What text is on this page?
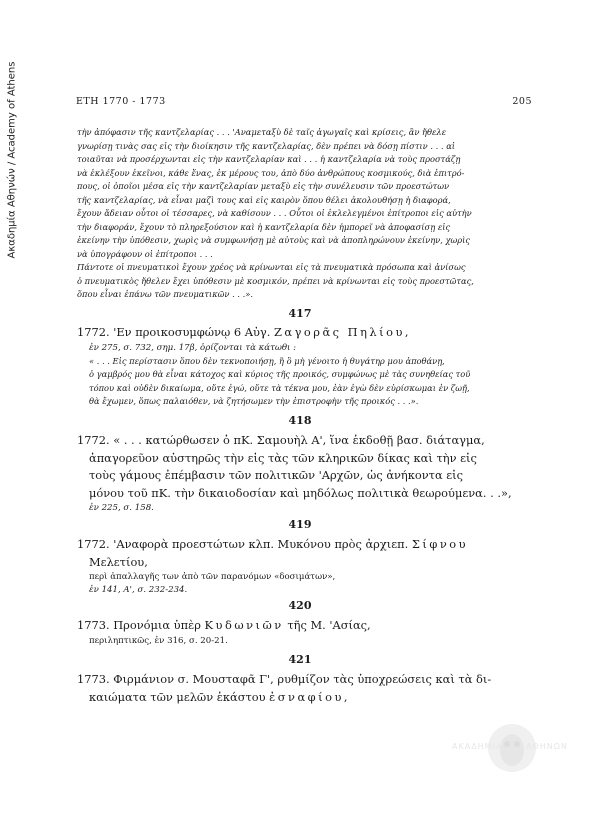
Ακαδημία Αθηνών / Academy of Athens	ΕΤΗ 1770 - 1773	205
τὴν ἀπόφασιν τῆς καντζελαρίας . . . 'Αναμεταξὺ δὲ ταῖς ἀγωγαῖς καὶ κρίσεις, ἂν ἤθελε
γνωρίσῃ τινὰς σας εἰς τὴν διοίκησιν τῆς καντζελαρίας, δὲν πρέπει νὰ δόσῃ πίστιν . . . αἱ
τοιαῦται νὰ προσέρχωνται εἰς τὴν καντζελαρίαν καὶ . . . ἡ καντζελαρία νὰ τοὺς προστάζῃ
νὰ ἐκλέξουν ἐκεῖνοι, κάθε ἕνας, ἐκ μέρους του, ἀπὸ δύο ἀνθρώπους κοσμικούς, διὰ ἐπιτρό-
πους, οἱ ὁποῖοι μέσα εἰς τὴν καντζελαρίαν μεταξὺ εἰς τὴν συνέλευσιν τῶν προεστώτων
τῆς καντζελαρίας, νὰ εἶναι μαζὶ τους καὶ εἰς καιρὸν ὅπου θέλει ἀκολουθήσῃ ἡ διαφορά,
ἔχουν ἄδειαν οὗτοι οἱ τέσσαρες, νὰ καθίσουν . . . Οὗτοι οἱ ἐκλελεγμένοι ἐπίτροποι εἰς αὐτὴν
τὴν διαφοράν, ἔχουν τὸ πληρεξούσιον καὶ ἡ καντζελαρία δὲν ἠμπορεῖ νὰ ἀποφασίσῃ εἰς
ἐκείνην τὴν ὑπόθεσιν, χωρὶς νὰ συμφωνήσῃ μὲ αὐτοὺς καὶ νὰ ἀποπληρώνουν ἐκείνην, χωρὶς
νὰ ὑπογράφουν οἱ ἐπίτροποι . . .
Πάντοτε οἱ πνευματικοὶ ἔχουν χρέος νὰ κρίνωνται εἰς τὰ πνευματικὰ πρόσωπα καὶ ἀνίσως
ὁ πνευματικὸς ἤθελεν ἔχει ὑπόθεσιν μὲ κοσμικόν, πρέπει νὰ κρίνωνται εἰς τοὺς προεστῶτας,
ὅπου εἶναι ἐπάνω τῶν πνευματικῶν . . .».
417
1772. 'Εν προικοσυμφώνῳ 6 Αὐγ. Ζαγορᾶς Πηλίου,
ἐν 275, σ. 732, σημ. 17β, ὁρίζονται τὰ κάτωθι :
« . . . Εἰς περίστασιν ὅπου δὲν τεκνοποιήσῃ, ἢ ὃ μὴ γένοιτο ἡ θυγάτηρ μου ἀποθάνῃ,
ὁ γαμβρός μου θὰ εἶναι κάτοχος καὶ κύριος τῆς προικός, συμφώνως μὲ τὰς συνηθείας τοῦ
τόπου καὶ οὐδὲν δικαίωμα, οὔτε ἐγώ, οὔτε τὰ τέκνα μου, ἐὰν ἐγὼ δὲν εὑρίσκωμαι ἐν ζωῇ,
θὰ ἔχωμεν, ὅπως παλαιόθεν, νὰ ζητήσωμεν τὴν ἐπιστροφὴν τῆς προικός . . .».
418
1772. « . . . κατώρθωσεν ὁ πΚ. Σαμουὴλ Α', ἵνα ἐκδοθῇ βασ. διάταγμα,
ἀπαγορεῦον αὐστηρῶς τὴν εἰς τὰς τῶν κληρικῶν δίκας καὶ τὴν εἰς
τοὺς γάμους ἐπέμβασιν τῶν πολιτικῶν 'Αρχῶν, ὡς ἀνήκοντα εἰς
μόνου τοῦ πΚ. τὴν δικαιοδοσίαν καὶ μηδόλως πολιτικὰ θεωρούμενα. . .»,
ἐν 225, σ. 158.
419
1772. 'Αναφορὰ προεστώτων κλπ. Μυκόνου πρὸς ἀρχιεπ. Σίφνου
Μελετίου,
περὶ ἀπαλλαγῆς των ἀπὸ τῶν παρανόμων «δοσιμάτων»,
ἐν 141, Α', σ. 232-234.
420
1773. Προνόμια ὑπὲρ Κυδωνιῶν τῆς Μ. 'Ασίας,
περιληπτικῶς, ἐν 316, σ. 20-21.
421
1773. Φιρμάνιον σ. Μουσταφᾶ Γ', ρυθμίζον τὰς ὑποχρεώσεις καὶ τὰ δι-
καιώματα τῶν μελῶν ἑκάστου ἐσναφίου,
ΑΚΑΔΗΜΙΑ	ΑΘΗΝΩΝ
